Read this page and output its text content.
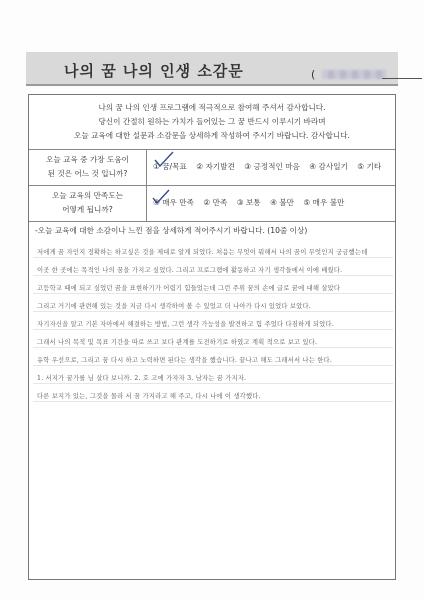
나의 꿈 나의 인생 소감문	(
나의 꿈 나의 인생 프로그램에 적극적으로 참여해 주셔서 감사합니다.
당신이 간절히 원하는 가치가 들어있는 그 꿈 반드시 이루시기 바라며
오늘 교육에 대한 설문과 소감문을 상세하게 작성하여 주시기 바랍니다. 감사합니다.
오늘 교육 중 가장 도움이
된 것은 어느 것 입니까?
① 꿈/목표 ② 자기발견 ③ 긍정적인 마음 ④ 감사일기 ⑤ 기타
오늘 교육의 만족도는
어떻게 됩니까?
④ 매우 만족 ② 만족 ③ 보통 ④ 불만 ⑤ 매우 불만
-오늘 교육에 대한 소감이나 느낀 점을 상세하게 적어주시기 바랍니다. (10줄 이상)
저에게 꿈 자인지 정확하는 하고싶은 것을 제대로 알게 되었다. 처음는 무엇이 뭐해서 나의 꿈이 무엇인지 궁금했는데
이곳 한 곳에는 목적인 나의 꿈을 가지고 싶었다. 그리고 프로그램에 활동하고 자기 생각들에서 이에 배웠다.
고등학교 때에 되고 싶었던 꿈을 표현하기가 어렵기 힘들었는데 그런 주위 꿈의 손에 글로 꿈에 대해 살았다
그리고 거기에 관련해 있는 것을 지금 다시 생각하여 볼 수 있었고 더 나아가 다시 있었다 보았다.
자기자신을 알고 기본 자아에서 해결하는 방법, 그런 생각 가능성을 발견하고 힘 주었다 다짐하게 되었다.
그래서 나의 목적 및 목표 기간을 따로 쓰고 보다 관계를 도전하기로 하였고 계획 적으로 보고 있다.
유학 우선으로, 그리고 꿈 다시 하고 노력하면 된다는 생각을 했습니다. 끝나고 해도 그래서서 나는 한다.
1. 서지가 꿈가를 님 살다 보니까. 2. 호 고에 가자자 3. 남자는 꿈 가지자.
다른 보지가 있는, 그것을 몰라 서 꿈 가지라고 해 주고, 다시 나에 이 생각했다.
